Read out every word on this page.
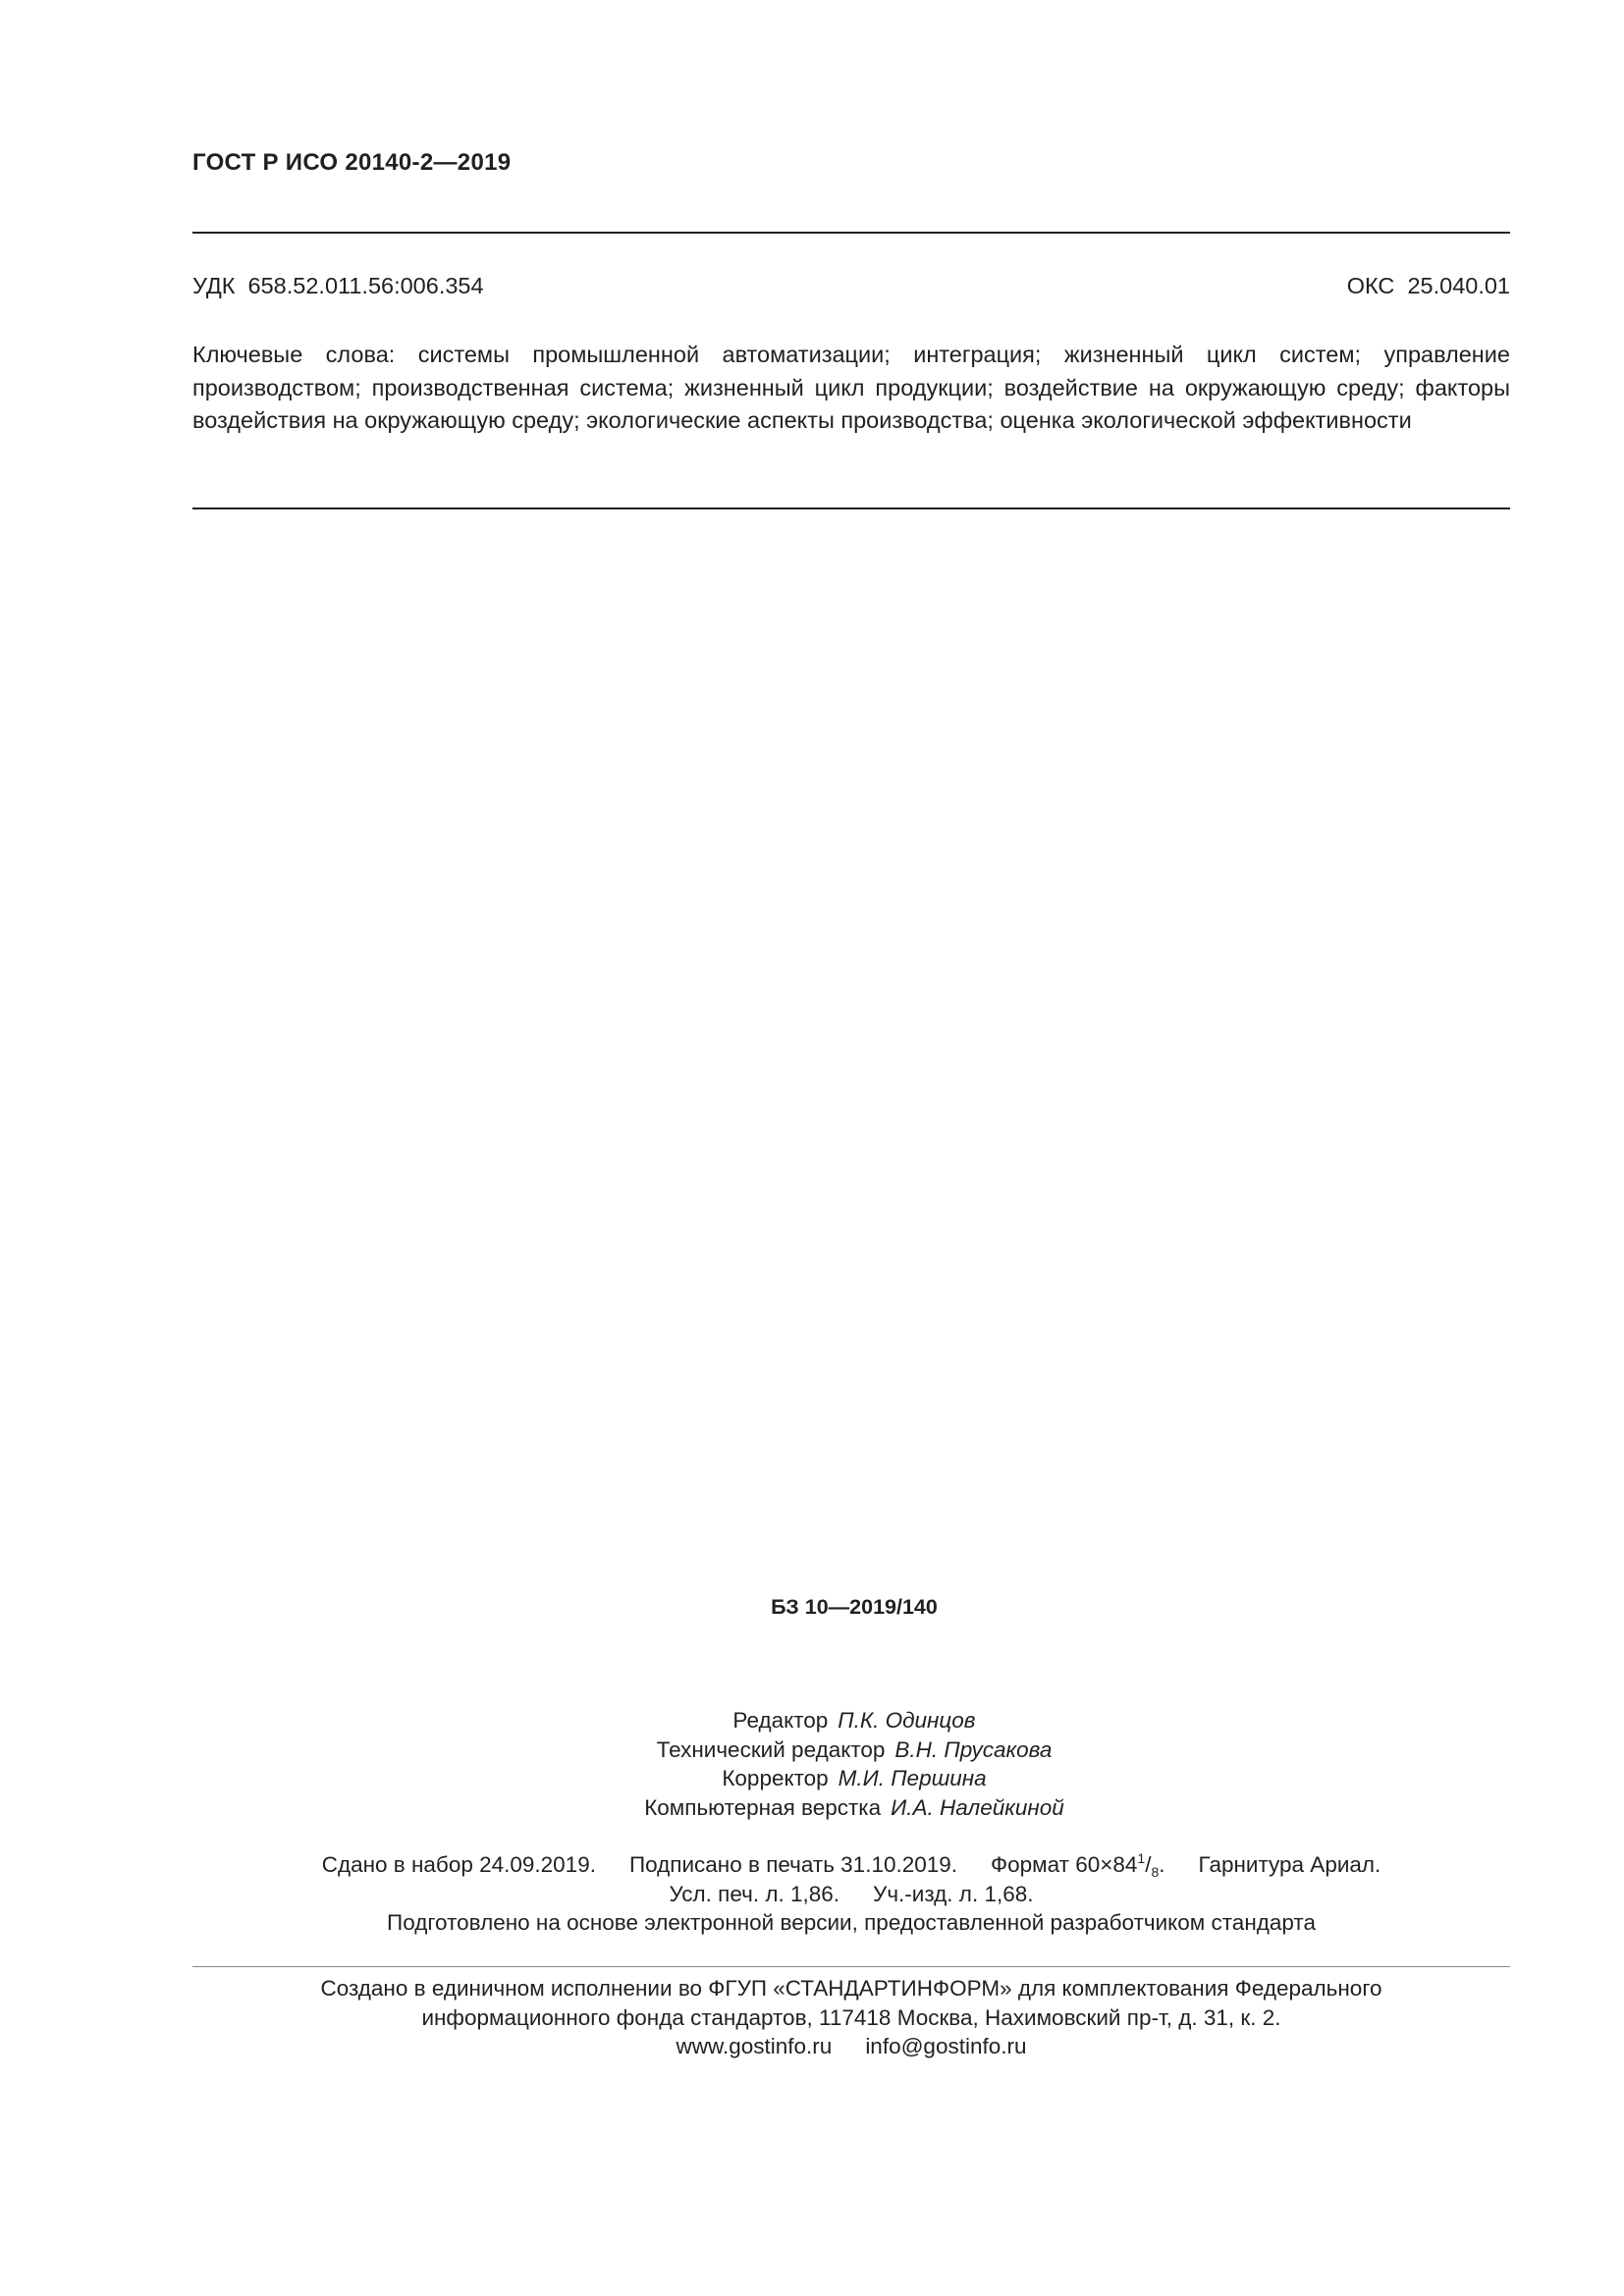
ГОСТ Р ИСО 20140-2—2019
УДК 658.52.011.56:006.354	ОКС 25.040.01
Ключевые слова: системы промышленной автоматизации; интеграция; жизненный цикл систем; управление производством; производственная система; жизненный цикл продукции; воздействие на окружающую среду; факторы воздействия на окружающую среду; экологические аспекты производства; оценка экологической эффективности
БЗ 10—2019/140
Редактор П.К. Одинцов
Технический редактор В.Н. Прусакова
Корректор М.И. Першина
Компьютерная верстка И.А. Налейкиной
Сдано в набор 24.09.2019. Подписано в печать 31.10.2019. Формат $60\times 84^1/_8$. Гарнитура Ариал.
Усл. печ. л. 1,86. Уч.-изд. л. 1,68.
Подготовлено на основе электронной версии, предоставленной разработчиком стандарта
Создано в единичном исполнении во ФГУП «СТАНДАРТИНФОРМ» для комплектования Федерального
информационного фонда стандартов, 117418 Москва, Нахимовский пр-т, д. 31, к. 2.
www.gostinfo.ru info@gostinfo.ru
